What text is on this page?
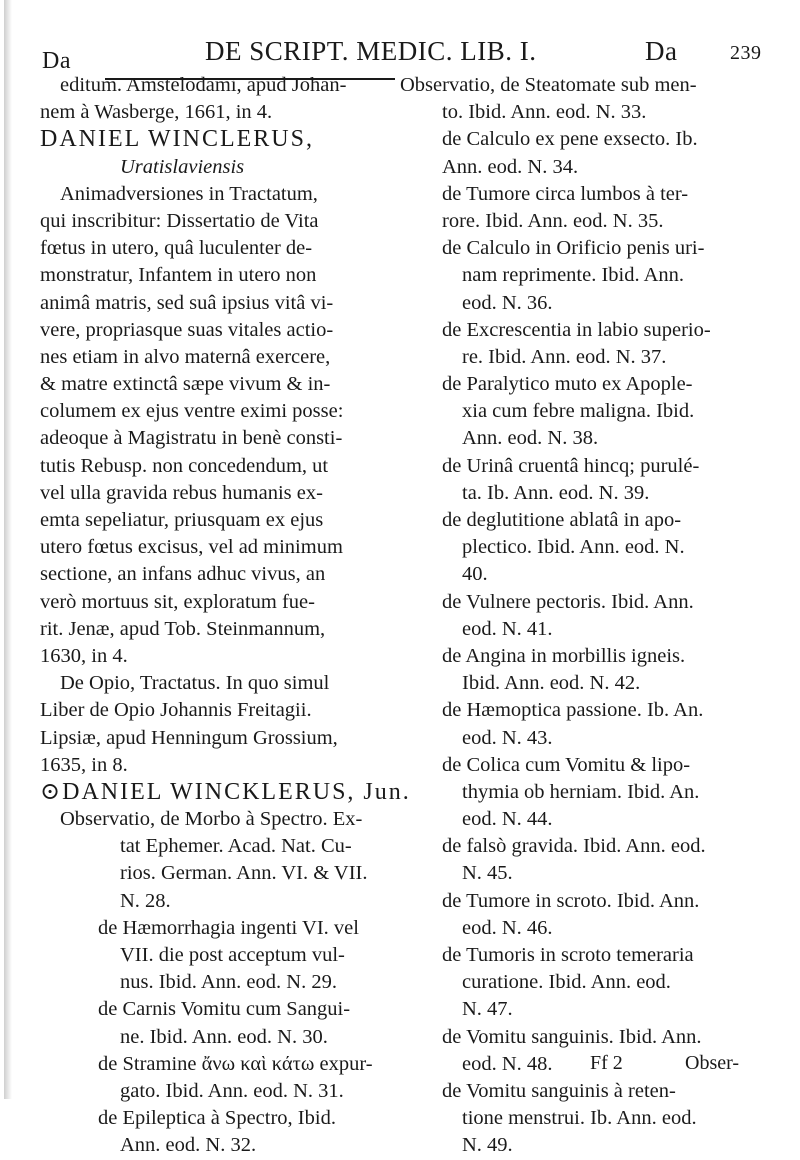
Da	DE SCRIPT. MEDIC. LIB. I.	Da	239
editum. Amstelodami, apud Johan-
nem à Wasberge, 1661, in 4.
DANIEL WINCLERUS,
Uratislaviensis
Animadversiones in Tractatum,
qui inscribitur: Dissertatio de Vita
fœtus in utero, quâ luculenter de-
monstratur, Infantem in utero non
animâ matris, sed suâ ipsius vitâ vi-
vere, propriasque suas vitales actio-
nes etiam in alvo maternâ exercere,
& matre extinctâ sæpe vivum & in-
columem ex ejus ventre eximi posse:
adeoque à Magistratu in benè consti-
tutis Rebusp. non concedendum, ut
vel ulla gravida rebus humanis ex-
emta sepeliatur, priusquam ex ejus
utero fœtus excisus, vel ad minimum
sectione, an infans adhuc vivus, an
verò mortuus sit, exploratum fue-
rit. Jenæ, apud Tob. Steinmannum,
1630, in 4.
De Opio, Tractatus. In quo simul
Liber de Opio Johannis Freitagii.
Lipsiæ, apud Henningum Grossium,
1635, in 8.
⊙DANIEL WINCKLERUS, Jun.
Observatio, de Morbo à Spectro. Ex-
tat Ephemer. Acad. Nat. Cu-
rios. German. Ann. VI. & VII.
N. 28.
de Hæmorrhagia ingenti VI. vel
VII. die post acceptum vul-
nus. Ibid. Ann. eod. N. 29.
de Carnis Vomitu cum Sangui-
ne. Ibid. Ann. eod. N. 30.
de Stramine ἄνω καὶ κάτω expur-
gato. Ibid. Ann. eod. N. 31.
de Epileptica à Spectro, Ibid.
Ann. eod. N. 32.
Observatio, de Steatomate sub men-
to. Ibid. Ann. eod. N. 33.
de Calculo ex pene exsecto. Ib.
Ann. eod. N. 34.
de Tumore circa lumbos à ter-
rore. Ibid. Ann. eod. N. 35.
de Calculo in Orificio penis uri-
nam reprimente. Ibid. Ann.
eod. N. 36.
de Excrescentia in labio superio-
re. Ibid. Ann. eod. N. 37.
de Paralytico muto ex Apople-
xia cum febre maligna. Ibid.
Ann. eod. N. 38.
de Urinâ cruentâ hincq; purulé-
ta. Ib. Ann. eod. N. 39.
de deglutitione ablatâ in apo-
plectico. Ibid. Ann. eod. N.
40.
de Vulnere pectoris. Ibid. Ann.
eod. N. 41.
de Angina in morbillis igneis.
Ibid. Ann. eod. N. 42.
de Hæmoptica passione. Ib. An.
eod. N. 43.
de Colica cum Vomitu & lipo-
thymia ob herniam. Ibid. An.
eod. N. 44.
de falsò gravida. Ibid. Ann. eod.
N. 45.
de Tumore in scroto. Ibid. Ann.
eod. N. 46.
de Tumoris in scroto temeraria
curatione. Ibid. Ann. eod.
N. 47.
de Vomitu sanguinis. Ibid. Ann.
eod. N. 48.
de Vomitu sanguinis à reten-
tione menstrui. Ib. Ann. eod.
N. 49.
Ff 2	Obser-
